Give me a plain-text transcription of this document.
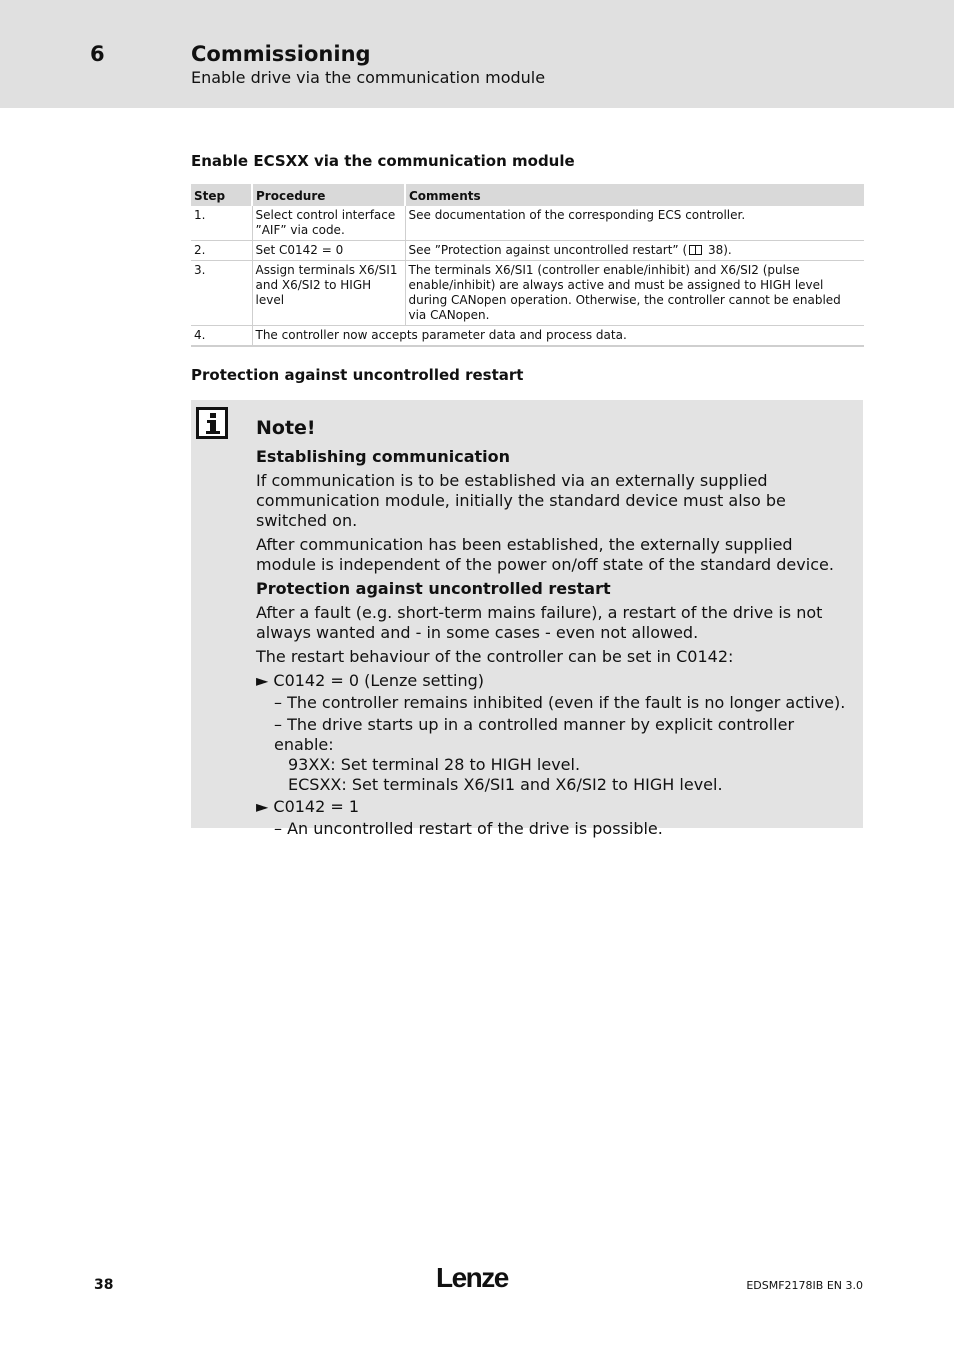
6	Commissioning
Enable drive via the communication module
Enable ECSXX via the communication module
Step	Procedure	Comments
1.	Select control interface ”AIF” via code.	See documentation of the corresponding ECS controller.
2.	Set C0142 = 0	See ”Protection against uncontrolled restart” ( 38).
3.	Assign terminals X6/SI1 and X6/SI2 to HIGH level	The terminals X6/SI1 (controller enable/inhibit) and X6/SI2 (pulse enable/inhibit) are always active and must be assigned to HIGH level during CANopen operation. Otherwise, the controller cannot be enabled via CANopen.
4.	The controller now accepts parameter data and process data.	
Protection against uncontrolled restart
Note!
Establishing communication
If communication is to be established via an externally supplied communication module, initially the standard device must also be switched on.
After communication has been established, the externally supplied module is independent of the power on/off state of the standard device.
Protection against uncontrolled restart
After a fault (e.g. short-term mains failure), a restart of the drive is not always wanted and - in some cases - even not allowed.
The restart behaviour of the controller can be set in C0142:
► C0142 = 0 (Lenze setting)
– The controller remains inhibited (even if the fault is no longer active).
– The drive starts up in a controlled manner by explicit controller enable:
93XX: Set terminal 28 to HIGH level.
ECSXX: Set terminals X6/SI1 and X6/SI2 to HIGH level.
► C0142 = 1
– An uncontrolled restart of the drive is possible.
38	Lenze	EDSMF2178IB EN 3.0
